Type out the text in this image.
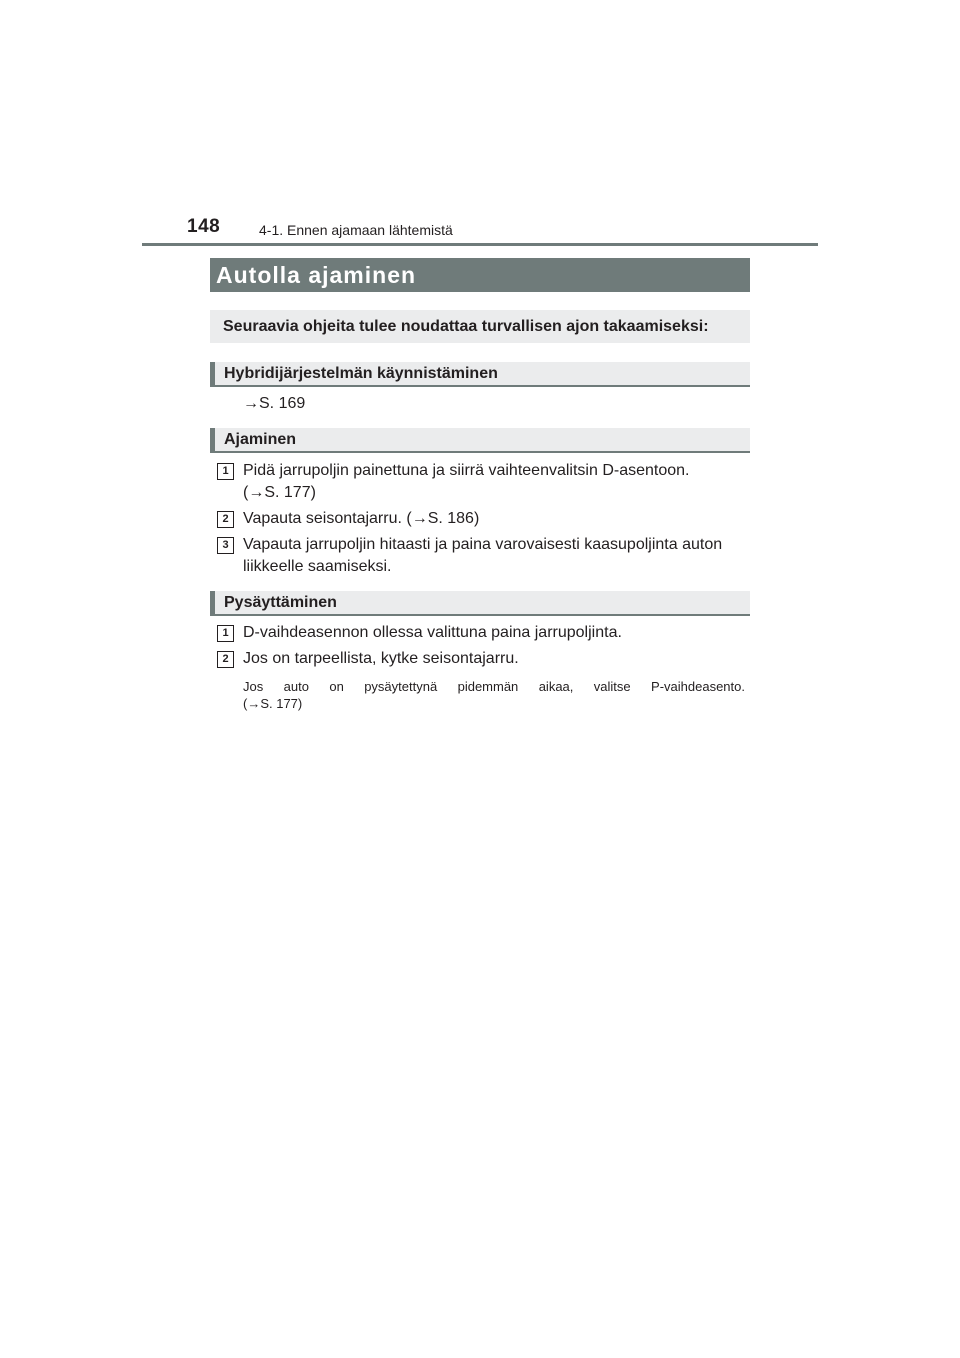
148	4-1. Ennen ajamaan lähtemistä
Autolla ajaminen
Seuraavia ohjeita tulee noudattaa turvallisen ajon takaamiseksi:
Hybridijärjestelmän käynnistäminen
→S. 169
Ajaminen
1 Pidä jarrupoljin painettuna ja siirrä vaihteenvalitsin D-asentoon.
(→S. 177)
2 Vapauta seisontajarru. (→S. 186)
3 Vapauta jarrupoljin hitaasti ja paina varovaisesti kaasupoljinta auton
liikkeelle saamiseksi.
Pysäyttäminen
1 D-vaihdeasennon ollessa valittuna paina jarrupoljinta.
2 Jos on tarpeellista, kytke seisontajarru.
Jos auto on pysäytettynä pidemmän aikaa, valitse P-vaihdeasento.
(→S. 177)
